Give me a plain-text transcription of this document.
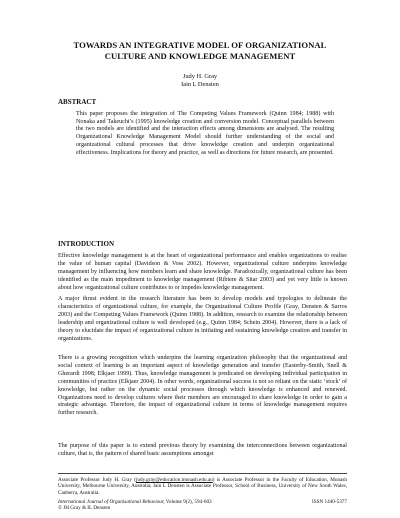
TOWARDS AN INTEGRATIVE MODEL OF ORGANIZATIONAL
CULTURE AND KNOWLEDGE MANAGEMENT
Judy H. Gray
Iain L Densten
ABSTRACT
This paper proposes the integration of The Competing Values Framework (Quinn 1984; 1988) with Nonaka and Takeuchi’s (1995) knowledge creation and conversion model. Conceptual parallels between the two models are identified and the interaction effects among dimensions are analysed. The resulting Organizational Knowledge Management Model should further understanding of the social and organizational cultural processes that drive knowledge creation and underpin organizational effectiveness. Implications for theory and practice, as well as directions for future research, are presented.
INTRODUCTION
Effective knowledge management is at the heart of organizational performance and enables organizations to realise the value of human capital (Davidson & Voss 2002). However, organizational culture underpins knowledge management by influencing how members learn and share knowledge. Paradoxically, organizational culture has been identified as the main impediment to knowledge management (Ribiere & Sitar 2003) and yet very little is known about how organizational culture contributes to or impedes knowledge management.
A major thrust evident in the research literature has been to develop models and typologies to delineate the characteristics of organizational culture, for example, the Organizational Culture Profile (Gray, Densten & Sarros 2003) and the Competing Values Framework (Quinn 1988). In addition, research to examine the relationship between leadership and organizational culture is well developed (e.g., Quinn 1984; Schein 2004). However, there is a lack of theory to elucidate the impact of organizational culture in initiating and sustaining knowledge creation and transfer in organizations.
There is a growing recognition which underpins the learning organization philosophy that the organizational and social context of learning is an important aspect of knowledge generation and transfer (Easterby-Smith, Snell & Gherardi 1998; Elkjaer 1999). Thus, knowledge management is predicated on developing individual participation in communities of practice (Elkjaer 2004). In other words, organizational success is not so reliant on the static ‘stock’ of knowledge, but rather on the dynamic social processes through which knowledge is enhanced and renewed. Organizations need to develop cultures where their members are encouraged to share knowledge in order to gain a strategic advantage. Therefore, the impact of organizational culture in terms of knowledge management requires further research.
The purpose of this paper is to extend previous theory by examining the interconnections between organizational culture, that is, the pattern of shared basic assumptions amongst
Associate Professor Judy H. Gray (judy.gray@education.monash.edu.au) is Associate Professor in the Faculty of Education, Monash University, Melbourne University, Australia; Iain L Densten is Associate Professor, School of Business, University of New South Wales, Canberra, Australia.
International Journal of Organisational Behaviour, Volume 9(2), 594-603	ISSN 1440-5377
© JH Gray & IL Densten
